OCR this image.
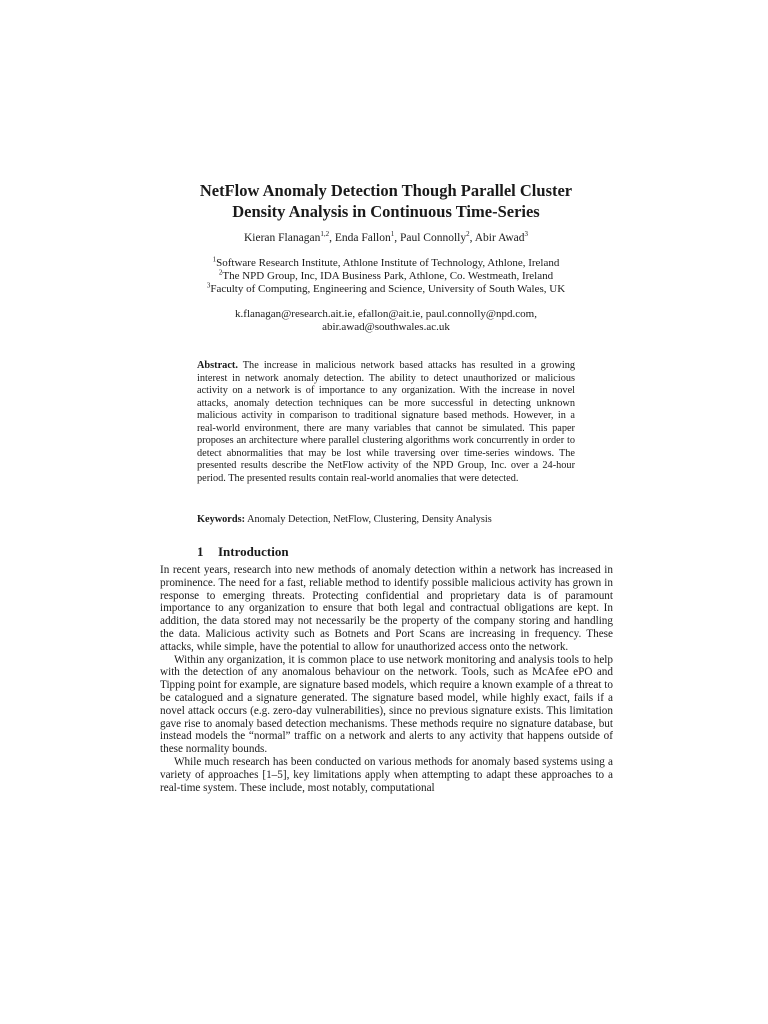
NetFlow Anomaly Detection Though Parallel Cluster
Density Analysis in Continuous Time-Series
Kieran Flanagan$^{1,2}$, Enda Fallon$^1$, Paul Connolly$^2$, Abir Awad$^3$
$^1$Software Research Institute, Athlone Institute of Technology, Athlone, Ireland
$^2$The NPD Group, Inc, IDA Business Park, Athlone, Co. Westmeath, Ireland
$^3$Faculty of Computing, Engineering and Science, University of South Wales, UK
k.flanagan@research.ait.ie, efallon@ait.ie, paul.connolly@npd.com,
abir.awad@southwales.ac.uk
Abstract. The increase in malicious network based attacks has resulted in a growing interest in network anomaly detection. The ability to detect unauthorized or malicious activity on a network is of importance to any organization. With the increase in novel attacks, anomaly detection techniques can be more successful in detecting unknown malicious activity in comparison to traditional signature based methods. However, in a real-world environment, there are many variables that cannot be simulated. This paper proposes an architecture where parallel clustering algorithms work concurrently in order to detect abnormalities that may be lost while traversing over time-series windows. The presented results describe the NetFlow activity of the NPD Group, Inc. over a 24-hour period. The presented results contain real-world anomalies that were detected.
Keywords: Anomaly Detection, NetFlow, Clustering, Density Analysis
1 Introduction

In recent years, research into new methods of anomaly detection within a network has increased in prominence. The need for a fast, reliable method to identify possible malicious activity has grown in response to emerging threats. Protecting confidential and proprietary data is of paramount importance to any organization to ensure that both legal and contractual obligations are kept. In addition, the data stored may not necessarily be the property of the company storing and handling the data. Malicious activity such as Botnets and Port Scans are increasing in frequency. These attacks, while simple, have the potential to allow for unauthorized access onto the network.

Within any organization, it is common place to use network monitoring and analysis tools to help with the detection of any anomalous behaviour on the network. Tools, such as McAfee ePO and Tipping point for example, are signature based models, which require a known example of a threat to be catalogued and a signature generated. The signature based model, while highly exact, fails if a novel attack occurs (e.g. zero-day vulnerabilities), since no previous signature exists. This limitation gave rise to anomaly based detection mechanisms. These methods require no signature database, but instead models the “normal” traffic on a network and alerts to any activity that happens outside of these normality bounds.

While much research has been conducted on various methods for anomaly based systems using a variety of approaches [1–5], key limitations apply when attempting to adapt these approaches to a real-time system. These include, most notably, computational
